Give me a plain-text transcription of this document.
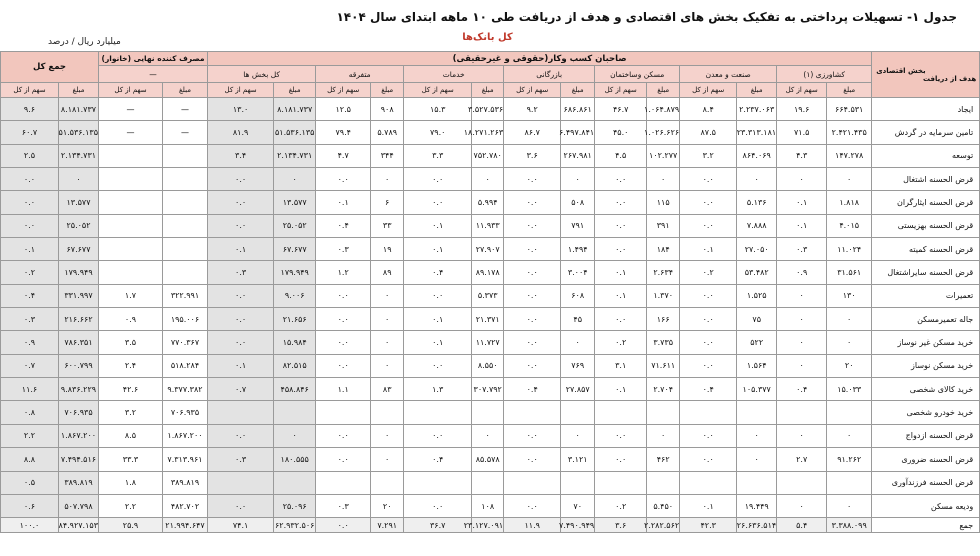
جدول ۱- تسهیلات پرداختی به تفکیک بخش های اقتصادی و هدف از دریافت طی ۱۰ ماهه ابتدای سال ۱۴۰۴
کل بانک‌ها
میلیارد ریال / درصد
بخش اقتصادی
هدف از دریافت	صاحبان کسب وکار(حقوقی و غیرحقیقی)														مصرف کننده نهایی (خانوار)		جمع کل	
	کشاورزی (۱)		صنعت و معدن		مسکن وساختمان		بازرگانی		خدمات		متفرقه		کل بخش ها		—			
	مبلغ	سهم از کل	مبلغ	سهم از کل	مبلغ	سهم از کل	مبلغ	سهم از کل	مبلغ	سهم از کل	مبلغ	سهم از کل	مبلغ	سهم از کل	مبلغ	سهم از کل	مبلغ	سهم از کل
ایجاد	۶۶۴.۵۳۱	۱۹.۶	۲.۲۳۷.۰۶۳	۸.۴	۱.۰۶۴.۸۷۹	۴۶.۷	۶۸۶.۸۶۱	۹.۲	۳.۵۲۷.۵۳۶	۱۵.۳	۹۰۸	۱۲.۵	۸.۱۸۱.۷۳۷	۱۳.۰	—	—	۸.۱۸۱.۷۳۷	۹.۶
تامین سرمایه در گردش	۲.۴۲۱.۴۳۵	۷۱.۵	۲۳.۳۱۳.۱۸۱	۸۷.۵	۱.۰۲۶.۶۲۶	۴۵.۰	۶.۴۹۷.۸۴۱	۸۶.۷	۱۸.۲۷۱.۲۶۳	۷۹.۰	۵.۷۸۹	۷۹.۴	۵۱.۵۳۶.۱۳۵	۸۱.۹	—	—	۵۱.۵۳۶.۱۳۵	۶۰.۷
توسعه	۱۴۷.۲۷۸	۴.۳	۸۶۴.۰۶۹	۳.۲	۱۰۲.۲۷۷	۴.۵	۲۶۷.۹۸۱	۳.۶	۷۵۲.۷۸۰	۳.۳	۳۴۴	۴.۷	۲.۱۳۴.۷۳۱	۳.۴			۲.۱۳۴.۷۳۱	۲.۵
قرض الحسنه اشتغال	۰	۰	۰	۰.۰	۰	۰.۰	۰	۰.۰	۰	۰.۰	۰	۰.۰	۰	۰.۰			۰	۰.۰
قرض الحسنه ایثارگران	۱.۸۱۸	۰.۱	۵.۱۳۶	۰.۰	۱۱۵	۰.۰	۵۰۸	۰.۰	۵.۹۹۴	۰.۰	۶	۰.۱	۱۳.۵۷۷	۰.۰			۱۳.۵۷۷	۰.۰
قرض الحسنه بهزیستی	۴.۰۱۵	۰.۱	۷.۸۸۸	۰.۰	۳۹۱	۰.۰	۷۹۱	۰.۰	۱۱.۹۳۳	۰.۱	۳۳	۰.۴	۲۵.۰۵۲	۰.۰			۲۵.۰۵۲	۰.۰
قرض الحسنه کمیته	۱۱.۰۲۴	۰.۳	۲۷.۰۵۰	۰.۱	۱۸۴	۰.۰	۱.۴۹۴	۰.۰	۲۷.۹۰۷	۰.۱	۱۹	۰.۳	۶۷.۶۷۷	۰.۱			۶۷.۶۷۷	۰.۱
قرض الحسنه سایراشتغال	۳۱.۵۶۱	۰.۹	۵۳.۴۸۲	۰.۲	۲.۶۳۴	۰.۱	۳.۰۰۴	۰.۰	۸۹.۱۷۸	۰.۴	۸۹	۱.۲	۱۷۹.۹۴۹	۰.۳			۱۷۹.۹۴۹	۰.۲
تعمیرات	۱۳۰	۰	۱.۵۲۵	۰.۰	۱.۳۷۰	۰.۱	۶۰۸	۰.۰	۵.۳۷۳	۰.۰	۰	۰.۰	۹.۰۰۶	۰.۰	۳۲۲.۹۹۱	۱.۷	۳۳۱.۹۹۷	۰.۴
جاله تعمیرمسکن	۰	۰	۷۵	۰.۰	۱۶۶	۰.۰	۴۵	۰.۰	۲۱.۳۷۱	۰.۱	۰	۰.۰	۲۱.۶۵۶	۰.۰	۱۹۵.۰۰۶	۰.۹	۲۱۶.۶۶۲	۰.۳
خرید مسکن غیر نوساز	۰	۰	۵۲۲	۰.۰	۳.۷۳۵	۰.۲	۰	۰.۰	۱۱.۷۲۷	۰.۱	۰	۰.۰	۱۵.۹۸۴	۰.۰	۷۷۰.۳۶۷	۳.۵	۷۸۶.۳۵۱	۰.۹
خرید مسکن نوساز	۲۰	۰	۱.۵۶۴	۰.۰	۷۱.۶۱۱	۳.۱	۷۶۹	۰.۰	۸.۵۵۰	۰.۰	۰	۰.۰	۸۲.۵۱۵	۰.۱	۵۱۸.۲۸۴	۲.۴	۶۰۰.۷۹۹	۰.۷
خرید کالای شخصی	۱۵.۰۳۳	۰.۴	۱۰۵.۳۷۷	۰.۴	۲.۷۰۴	۰.۱	۲۷.۸۵۷	۰.۴	۳۰۷.۷۹۲	۱.۳	۸۳	۱.۱	۴۵۸.۸۴۶	۰.۷	۹.۳۷۷.۳۸۲	۴۲.۶	۹.۸۳۶.۲۲۹	۱۱.۶
خرید خودرو شخصی															۷۰۶.۹۳۵	۳.۲	۷۰۶.۹۳۵	۰.۸
قرض الحسنه ازدواج	۰	۰	۰	۰.۰	۰	۰.۰	۰	۰.۰	۰	۰.۰	۰	۰.۰	۰	۰.۰	۱.۸۶۷.۲۰۰	۸.۵	۱.۸۶۷.۲۰۰	۲.۲
قرض الحسنه ضروری	۹۱.۲۶۲	۲.۷	۰	۰.۰	۴۶۲	۰.۰	۳.۱۲۱	۰.۰	۸۵.۵۷۸	۰.۴	۰	۰.۰	۱۸۰.۵۵۵	۰.۳	۷.۳۱۳.۹۶۱	۳۳.۳	۷.۴۹۴.۵۱۶	۸.۸
قرض الحسنه فرزندآوری															۳۸۹.۸۱۹	۱.۸	۳۸۹.۸۱۹	۰.۵
ودیعه مسکن	۰	۰	۱۹.۴۴۹	۰.۱	۵.۴۵۰	۰.۲	۷۰	۰.۰	۱۰۸	۰.۰	۲۰	۰.۳	۲۵.۰۹۶	۰.۰	۴۸۲.۷۰۲	۲.۲	۵۰۷.۷۹۸	۰.۶
جمع	۳.۳۸۸.۰۹۹	۵.۴	۲۶.۶۳۶.۵۱۴	۴۲.۳	۲.۲۸۲.۵۶۲	۳.۶	۷.۴۹۰.۹۴۹	۱۱.۹	۲۳.۱۲۷.۰۹۱	۳۶.۷	۷.۲۹۱	۰.۰	۶۲.۹۳۲.۵۰۶	۷۴.۱	۲۱.۹۹۴.۶۴۷	۲۵.۹	۸۴.۹۲۷.۱۵۳	۱۰۰.۰
